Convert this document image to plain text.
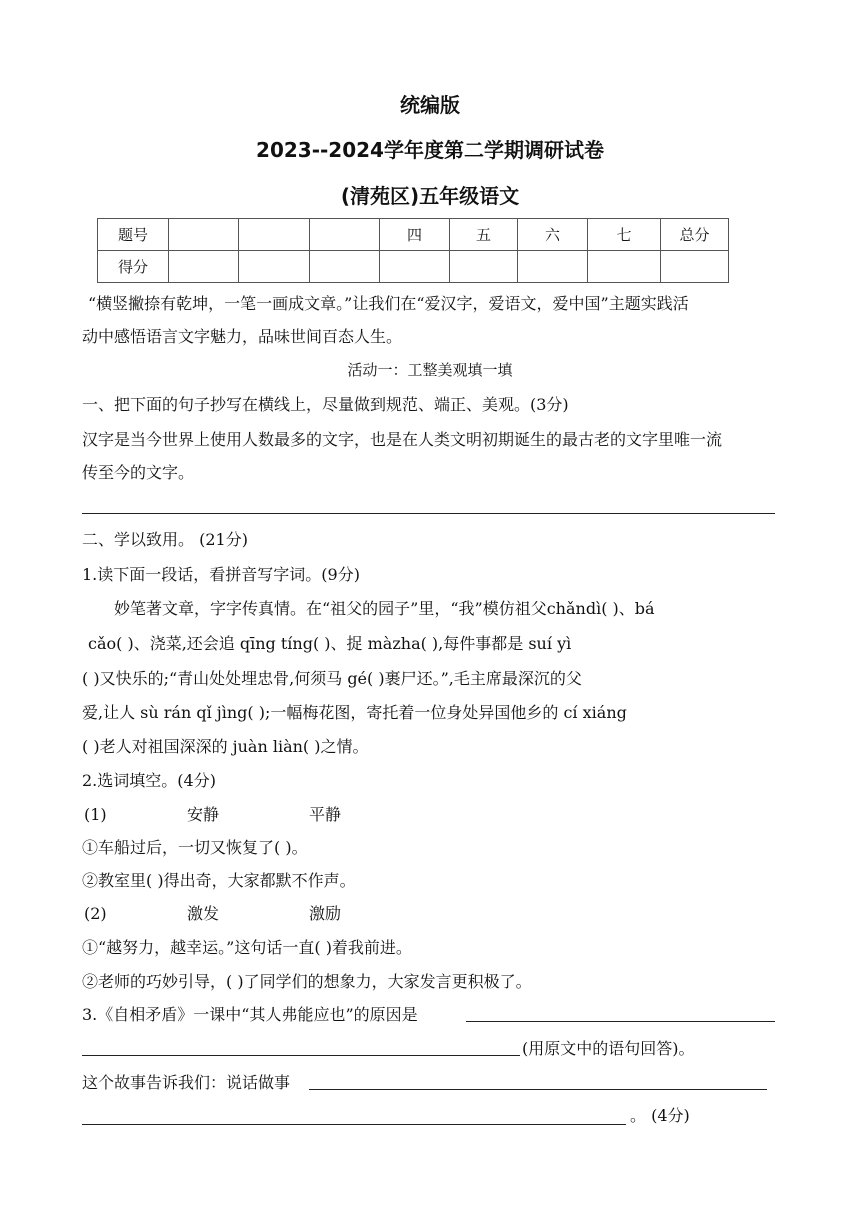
统编版
2023--2024学年度第二学期调研试卷
(清苑区)五年级语文
题号				四	五	六	七	总分
得分								
“横竖撇捺有乾坤，一笔一画成文章。”让我们在“爱汉字，爱语文，爱中国”主题实践活
动中感悟语言文字魅力，品味世间百态人生。
活动一：工整美观填一填
一、把下面的句子抄写在横线上，尽量做到规范、端正、美观。(3分)
汉字是当今世界上使用人数最多的文字，也是在人类文明初期诞生的最古老的文字里唯一流
传至今的文字。
二、学以致用。 (21分)
1.读下面一段话，看拼音写字词。(9分)
妙笔著文章，字字传真情。在“祖父的园子”里，“我”模仿祖父chǎndì( )、bá
cǎo( )、浇菜,还会追 qīng tíng( )、捉 màzha( ),每件事都是 suí yì
( )又快乐的;“青山处处埋忠骨,何须马 gé( )裹尸还。”,毛主席最深沉的父
爱,让人 sù rán qǐ jìng( );一幅梅花图，寄托着一位身处异国他乡的 cí xiáng
( )老人对祖国深深的 juàn liàn( )之情。
2.选词填空。(4分)
(1)	安静	平静
①车船过后，一切又恢复了( )。
②教室里( )得出奇，大家都默不作声。
(2)	激发	激励
①“越努力，越幸运。”这句话一直( )着我前进。
②老师的巧妙引导，( )了同学们的想象力，大家发言更积极了。
3.《自相矛盾》一课中“其人弗能应也”的原因是
(用原文中的语句回答)。
这个故事告诉我们：说话做事
。 (4分)
